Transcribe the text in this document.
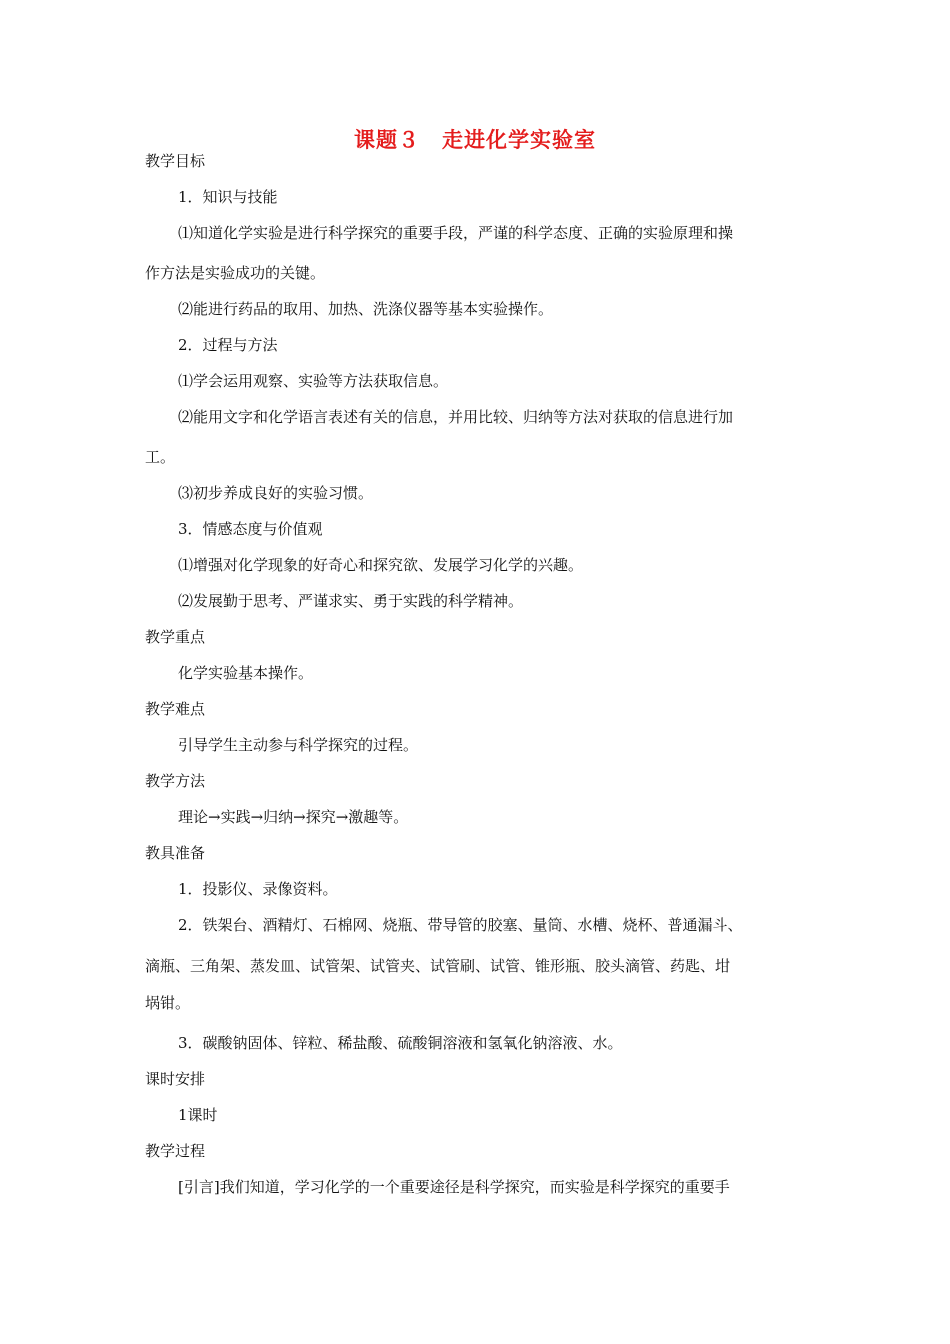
课题３　走进化学实验室
教学目标
1．知识与技能
⑴知道化学实验是进行科学探究的重要手段，严谨的科学态度、正确的实验原理和操
作方法是实验成功的关键。
⑵能进行药品的取用、加热、洗涤仪器等基本实验操作。
2．过程与方法
⑴学会运用观察、实验等方法获取信息。
⑵能用文字和化学语言表述有关的信息，并用比较、归纳等方法对获取的信息进行加
工。
⑶初步养成良好的实验习惯。
3．情感态度与价值观
⑴增强对化学现象的好奇心和探究欲、发展学习化学的兴趣。
⑵发展勤于思考、严谨求实、勇于实践的科学精神。
教学重点
化学实验基本操作。
教学难点
引导学生主动参与科学探究的过程。
教学方法
理论→实践→归纳→探究→激趣等。
教具准备
1．投影仪、录像资料。
2．铁架台、酒精灯、石棉网、烧瓶、带导管的胶塞、量筒、水槽、烧杯、普通漏斗、
滴瓶、三角架、蒸发皿、试管架、试管夹、试管刷、试管、锥形瓶、胶头滴管、药匙、坩
埚钳。
3．碳酸钠固体、锌粒、稀盐酸、硫酸铜溶液和氢氧化钠溶液、水。
课时安排
1课时
教学过程
[引言]我们知道，学习化学的一个重要途径是科学探究，而实验是科学探究的重要手
